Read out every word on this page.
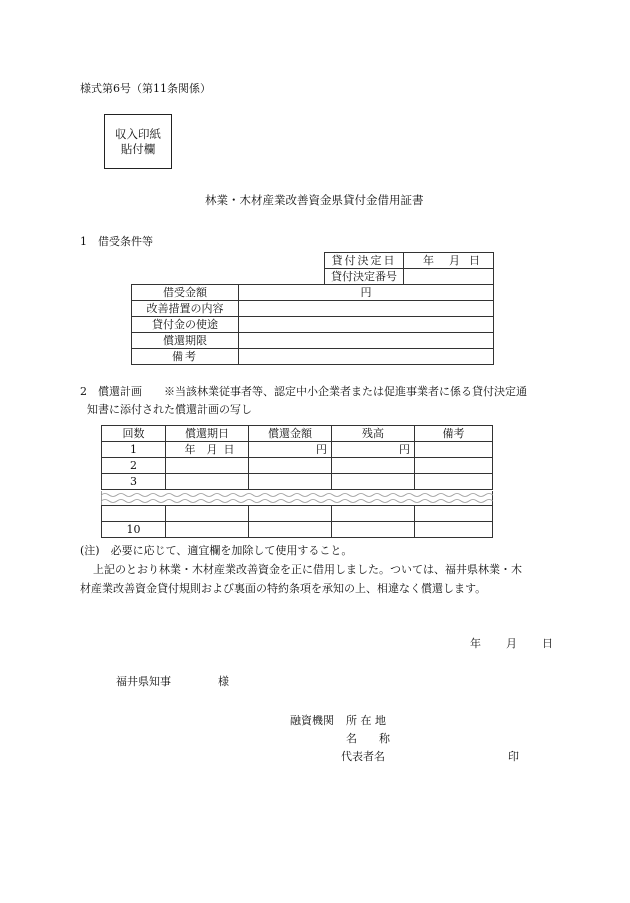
様式第6号（第11条関係）
収入印紙
貼付欄
林業・木材産業改善資金県貸付金借用証書
1　借受条件等
貸付決定日	年 月 日
貸付決定番号	
借受金額	円
改善措置の内容	
貸付金の使途	
償還期限	
備考	
2　償還計画　　※当該林業従事者等、認定中小企業者または促進事業者に係る貸付決定通
知書に添付された償還計画の写し
回数	償還期日	償還金額	残高	備考
1	年 月 日	円	円	
2				
3				

10				
(注)　必要に応じて、適宜欄を加除して使用すること。
上記のとおり林業・木材産業改善資金を正に借用しました。ついては、福井県林業・木
材産業改善資金貸付規則および裏面の特約条項を承知の上、相違なく償還します。
年 月 日
福井県知事	様
融資機関 所 在 地
名　　称
代表者名	印
